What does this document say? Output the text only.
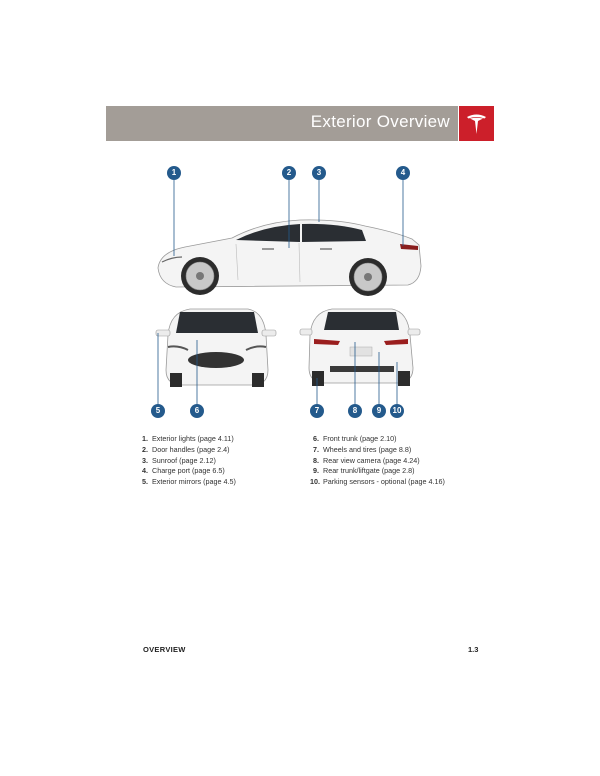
Exterior Overview
1	2	3	4
5	6	7	8	9	10
1. Exterior lights (page 4.11)
2. Door handles (page 2.4)
3. Sunroof (page 2.12)
4. Charge port (page 6.5)
5. Exterior mirrors (page 4.5)
6. Front trunk (page 2.10)
7. Wheels and tires (page 8.8)
8. Rear view camera (page 4.24)
9. Rear trunk/liftgate (page 2.8)
10. Parking sensors - optional (page 4.16)
OVERVIEW	1.3
